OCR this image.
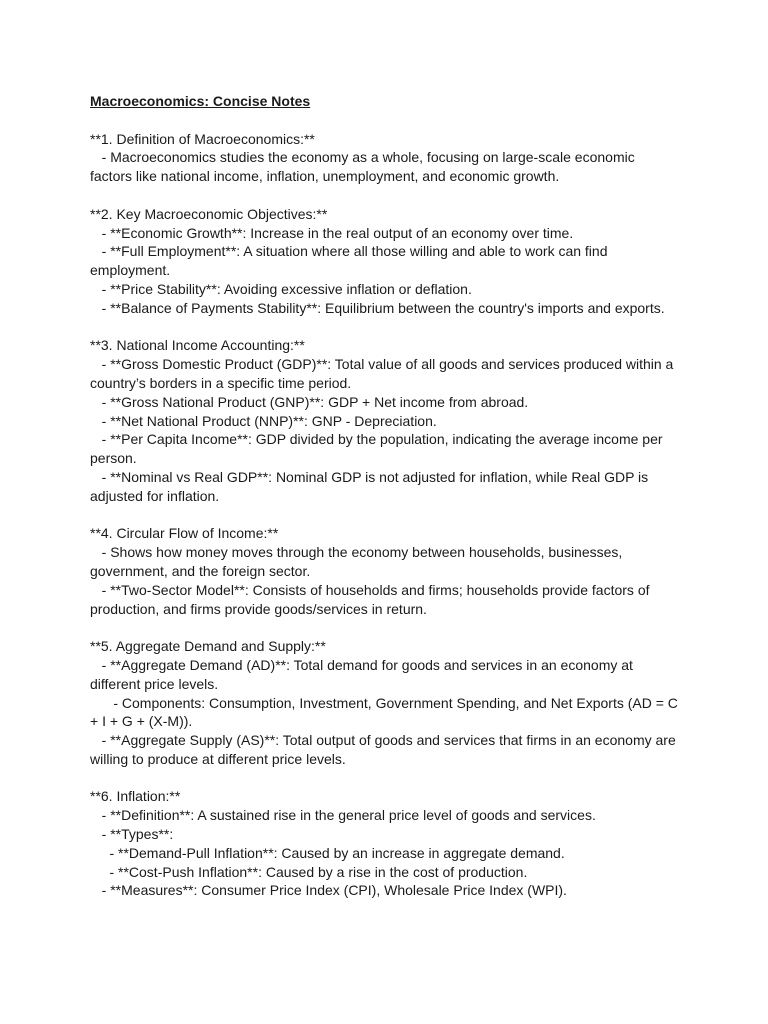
Macroeconomics: Concise Notes

**1. Definition of Macroeconomics:**

- Macroeconomics studies the economy as a whole, focusing on large-scale economic factors like national income, inflation, unemployment, and economic growth.

**2. Key Macroeconomic Objectives:**

- **Economic Growth**: Increase in the real output of an economy over time.

- **Full Employment**: A situation where all those willing and able to work can find employment.

- **Price Stability**: Avoiding excessive inflation or deflation.

- **Balance of Payments Stability**: Equilibrium between the country's imports and exports.

**3. National Income Accounting:**

- **Gross Domestic Product (GDP)**: Total value of all goods and services produced within a country’s borders in a specific time period.

- **Gross National Product (GNP)**: GDP + Net income from abroad.

- **Net National Product (NNP)**: GNP - Depreciation.

- **Per Capita Income**: GDP divided by the population, indicating the average income per person.

- **Nominal vs Real GDP**: Nominal GDP is not adjusted for inflation, while Real GDP is adjusted for inflation.

**4. Circular Flow of Income:**

- Shows how money moves through the economy between households, businesses, government, and the foreign sector.

- **Two-Sector Model**: Consists of households and firms; households provide factors of production, and firms provide goods/services in return.

**5. Aggregate Demand and Supply:**

- **Aggregate Demand (AD)**: Total demand for goods and services in an economy at different price levels.

- Components: Consumption, Investment, Government Spending, and Net Exports (AD = C + I + G + (X-M)).

- **Aggregate Supply (AS)**: Total output of goods and services that firms in an economy are willing to produce at different price levels.

**6. Inflation:**

- **Definition**: A sustained rise in the general price level of goods and services.

- **Types**:

- **Demand-Pull Inflation**: Caused by an increase in aggregate demand.

- **Cost-Push Inflation**: Caused by a rise in the cost of production.

- **Measures**: Consumer Price Index (CPI), Wholesale Price Index (WPI).
